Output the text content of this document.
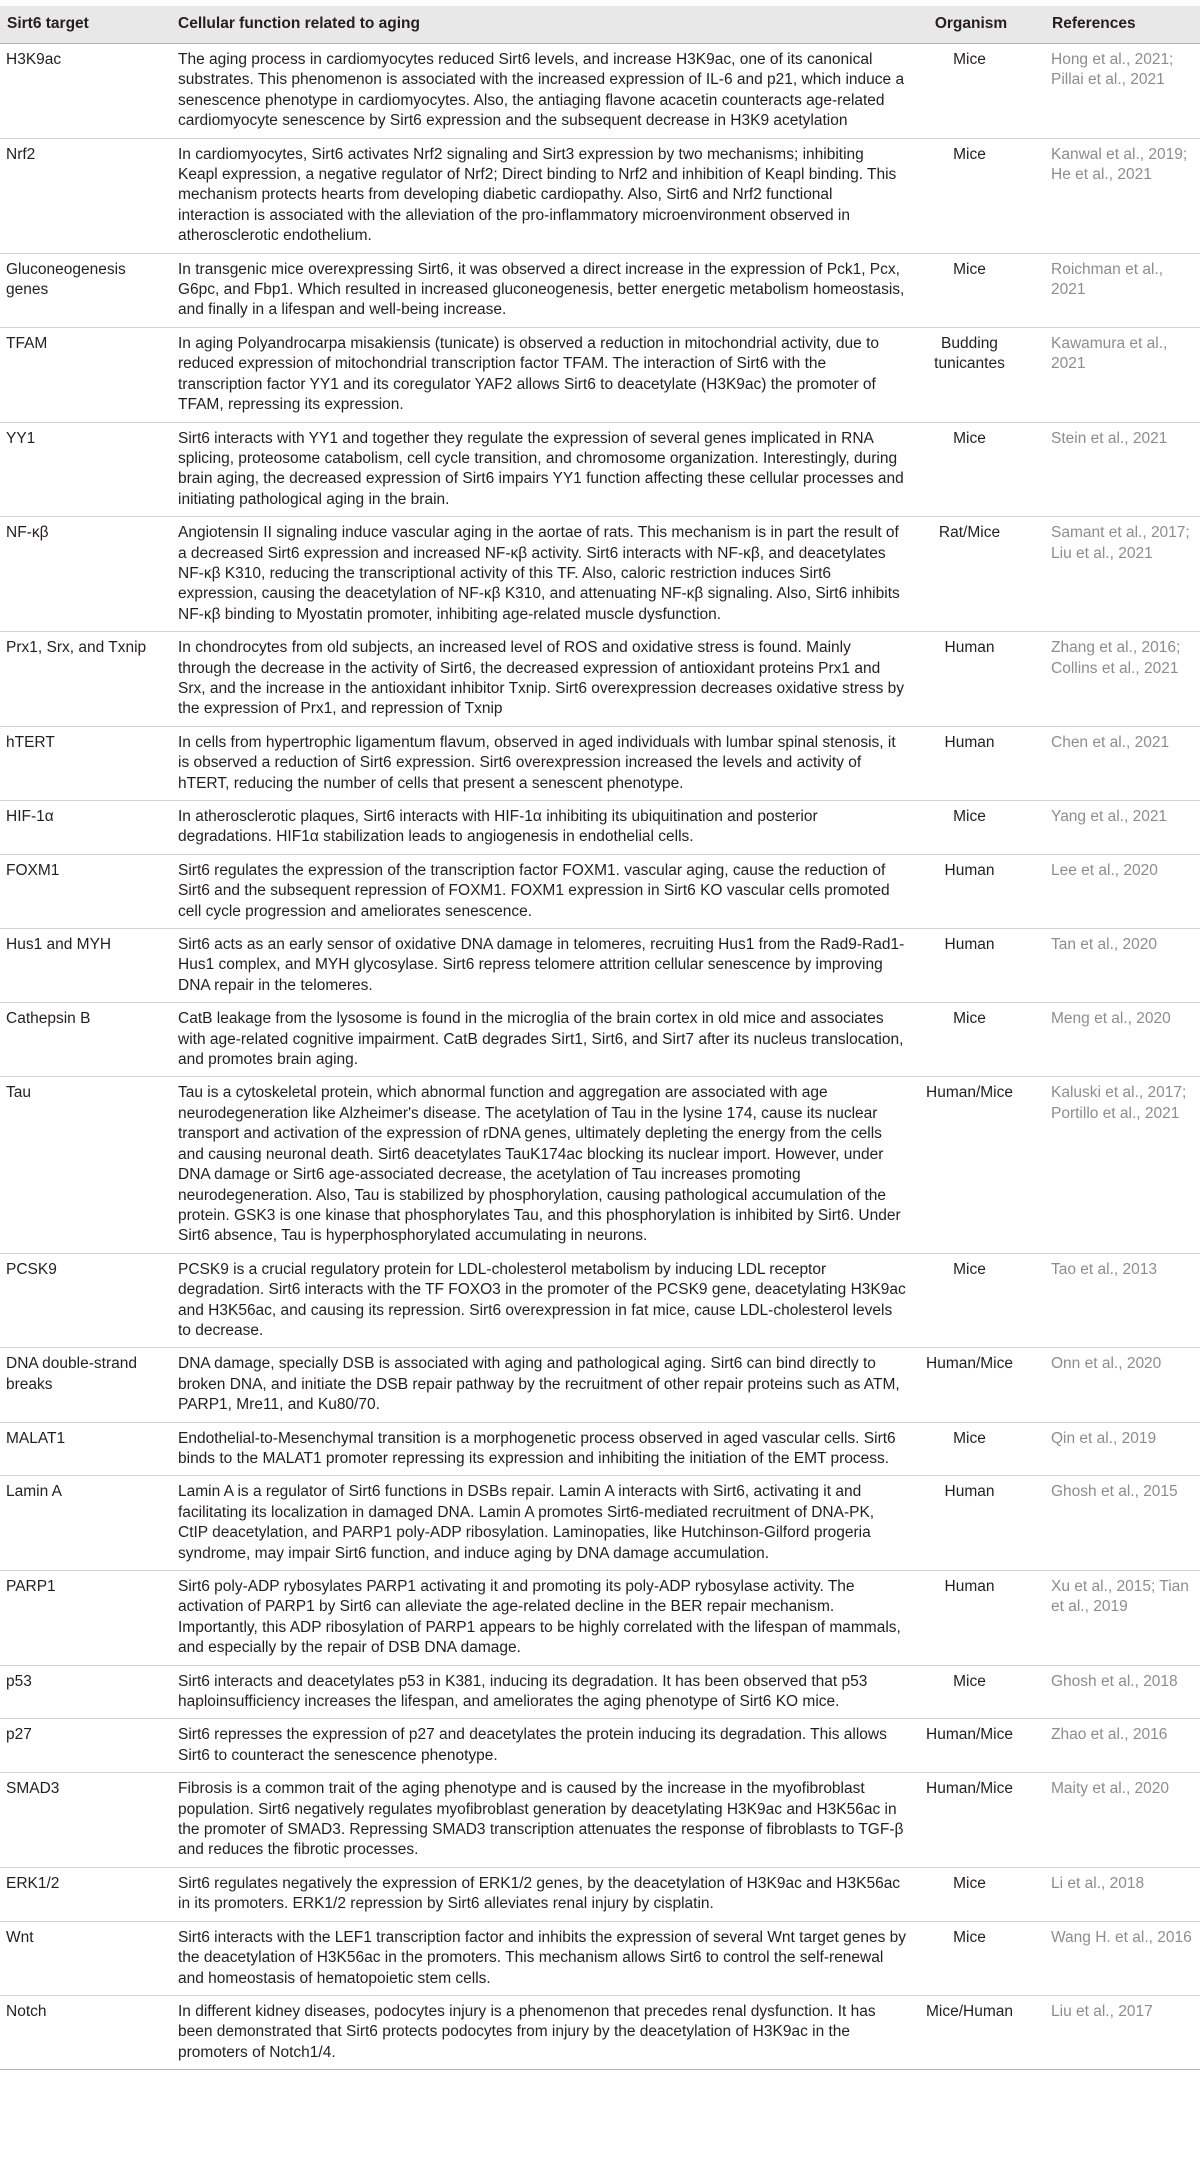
Sirt6 target	Cellular function related to aging	Organism	References
H3K9ac	The aging process in cardiomyocytes reduced Sirt6 levels, and increase H3K9ac, one of its canonical substrates. This phenomenon is associated with the increased expression of IL-6 and p21, which induce a senescence phenotype in cardiomyocytes. Also, the antiaging flavone acacetin counteracts age-related cardiomyocyte senescence by Sirt6 expression and the subsequent decrease in H3K9 acetylation	Mice	Hong et al., 2021; Pillai et al., 2021
Nrf2	In cardiomyocytes, Sirt6 activates Nrf2 signaling and Sirt3 expression by two mechanisms; inhibiting Keapl expression, a negative regulator of Nrf2; Direct binding to Nrf2 and inhibition of Keapl binding. This mechanism protects hearts from developing diabetic cardiopathy. Also, Sirt6 and Nrf2 functional interaction is associated with the alleviation of the pro-inflammatory microenvironment observed in atherosclerotic endothelium.	Mice	Kanwal et al., 2019; He et al., 2021
Gluconeogenesis genes	In transgenic mice overexpressing Sirt6, it was observed a direct increase in the expression of Pck1, Pcx, G6pc, and Fbp1. Which resulted in increased gluconeogenesis, better energetic metabolism homeostasis, and finally in a lifespan and well-being increase.	Mice	Roichman et al., 2021
TFAM	In aging Polyandrocarpa misakiensis (tunicate) is observed a reduction in mitochondrial activity, due to reduced expression of mitochondrial transcription factor TFAM. The interaction of Sirt6 with the transcription factor YY1 and its coregulator YAF2 allows Sirt6 to deacetylate (H3K9ac) the promoter of TFAM, repressing its expression.	Budding tunicantes	Kawamura et al., 2021
YY1	Sirt6 interacts with YY1 and together they regulate the expression of several genes implicated in RNA splicing, proteosome catabolism, cell cycle transition, and chromosome organization. Interestingly, during brain aging, the decreased expression of Sirt6 impairs YY1 function affecting these cellular processes and initiating pathological aging in the brain.	Mice	Stein et al., 2021
NF-κβ	Angiotensin II signaling induce vascular aging in the aortae of rats. This mechanism is in part the result of a decreased Sirt6 expression and increased NF-κβ activity. Sirt6 interacts with NF-κβ, and deacetylates NF-κβ K310, reducing the transcriptional activity of this TF. Also, caloric restriction induces Sirt6 expression, causing the deacetylation of NF-κβ K310, and attenuating NF-κβ signaling. Also, Sirt6 inhibits NF-κβ binding to Myostatin promoter, inhibiting age-related muscle dysfunction.	Rat/Mice	Samant et al., 2017; Liu et al., 2021
Prx1, Srx, and Txnip	In chondrocytes from old subjects, an increased level of ROS and oxidative stress is found. Mainly through the decrease in the activity of Sirt6, the decreased expression of antioxidant proteins Prx1 and Srx, and the increase in the antioxidant inhibitor Txnip. Sirt6 overexpression decreases oxidative stress by the expression of Prx1, and repression of Txnip	Human	Zhang et al., 2016; Collins et al., 2021
hTERT	In cells from hypertrophic ligamentum flavum, observed in aged individuals with lumbar spinal stenosis, it is observed a reduction of Sirt6 expression. Sirt6 overexpression increased the levels and activity of hTERT, reducing the number of cells that present a senescent phenotype.	Human	Chen et al., 2021
HIF-1α	In atherosclerotic plaques, Sirt6 interacts with HIF-1α inhibiting its ubiquitination and posterior degradations. HIF1α stabilization leads to angiogenesis in endothelial cells.	Mice	Yang et al., 2021
FOXM1	Sirt6 regulates the expression of the transcription factor FOXM1. vascular aging, cause the reduction of Sirt6 and the subsequent repression of FOXM1. FOXM1 expression in Sirt6 KO vascular cells promoted cell cycle progression and ameliorates senescence.	Human	Lee et al., 2020
Hus1 and MYH	Sirt6 acts as an early sensor of oxidative DNA damage in telomeres, recruiting Hus1 from the Rad9-Rad1-Hus1 complex, and MYH glycosylase. Sirt6 repress telomere attrition cellular senescence by improving DNA repair in the telomeres.	Human	Tan et al., 2020
Cathepsin B	CatB leakage from the lysosome is found in the microglia of the brain cortex in old mice and associates with age-related cognitive impairment. CatB degrades Sirt1, Sirt6, and Sirt7 after its nucleus translocation, and promotes brain aging.	Mice	Meng et al., 2020
Tau	Tau is a cytoskeletal protein, which abnormal function and aggregation are associated with age neurodegeneration like Alzheimer's disease. The acetylation of Tau in the lysine 174, cause its nuclear transport and activation of the expression of rDNA genes, ultimately depleting the energy from the cells and causing neuronal death. Sirt6 deacetylates TauK174ac blocking its nuclear import. However, under DNA damage or Sirt6 age-associated decrease, the acetylation of Tau increases promoting neurodegeneration. Also, Tau is stabilized by phosphorylation, causing pathological accumulation of the protein. GSK3 is one kinase that phosphorylates Tau, and this phosphorylation is inhibited by Sirt6. Under Sirt6 absence, Tau is hyperphosphorylated accumulating in neurons.	Human/Mice	Kaluski et al., 2017; Portillo et al., 2021
PCSK9	PCSK9 is a crucial regulatory protein for LDL-cholesterol metabolism by inducing LDL receptor degradation. Sirt6 interacts with the TF FOXO3 in the promoter of the PCSK9 gene, deacetylating H3K9ac and H3K56ac, and causing its repression. Sirt6 overexpression in fat mice, cause LDL-cholesterol levels to decrease.	Mice	Tao et al., 2013
DNA double-strand breaks	DNA damage, specially DSB is associated with aging and pathological aging. Sirt6 can bind directly to broken DNA, and initiate the DSB repair pathway by the recruitment of other repair proteins such as ATM, PARP1, Mre11, and Ku80/70.	Human/Mice	Onn et al., 2020
MALAT1	Endothelial-to-Mesenchymal transition is a morphogenetic process observed in aged vascular cells. Sirt6 binds to the MALAT1 promoter repressing its expression and inhibiting the initiation of the EMT process.	Mice	Qin et al., 2019
Lamin A	Lamin A is a regulator of Sirt6 functions in DSBs repair. Lamin A interacts with Sirt6, activating it and facilitating its localization in damaged DNA. Lamin A promotes Sirt6-mediated recruitment of DNA-PK, CtIP deacetylation, and PARP1 poly-ADP ribosylation. Laminopaties, like Hutchinson-Gilford progeria syndrome, may impair Sirt6 function, and induce aging by DNA damage accumulation.	Human	Ghosh et al., 2015
PARP1	Sirt6 poly-ADP rybosylates PARP1 activating it and promoting its poly-ADP rybosylase activity. The activation of PARP1 by Sirt6 can alleviate the age-related decline in the BER repair mechanism. Importantly, this ADP ribosylation of PARP1 appears to be highly correlated with the lifespan of mammals, and especially by the repair of DSB DNA damage.	Human	Xu et al., 2015; Tian et al., 2019
p53	Sirt6 interacts and deacetylates p53 in K381, inducing its degradation. It has been observed that p53 haploinsufficiency increases the lifespan, and ameliorates the aging phenotype of Sirt6 KO mice.	Mice	Ghosh et al., 2018
p27	Sirt6 represses the expression of p27 and deacetylates the protein inducing its degradation. This allows Sirt6 to counteract the senescence phenotype.	Human/Mice	Zhao et al., 2016
SMAD3	Fibrosis is a common trait of the aging phenotype and is caused by the increase in the myofibroblast population. Sirt6 negatively regulates myofibroblast generation by deacetylating H3K9ac and H3K56ac in the promoter of SMAD3. Repressing SMAD3 transcription attenuates the response of fibroblasts to TGF-β and reduces the fibrotic processes.	Human/Mice	Maity et al., 2020
ERK1/2	Sirt6 regulates negatively the expression of ERK1/2 genes, by the deacetylation of H3K9ac and H3K56ac in its promoters. ERK1/2 repression by Sirt6 alleviates renal injury by cisplatin.	Mice	Li et al., 2018
Wnt	Sirt6 interacts with the LEF1 transcription factor and inhibits the expression of several Wnt target genes by the deacetylation of H3K56ac in the promoters. This mechanism allows Sirt6 to control the self-renewal and homeostasis of hematopoietic stem cells.	Mice	Wang H. et al., 2016
Notch	In different kidney diseases, podocytes injury is a phenomenon that precedes renal dysfunction. It has been demonstrated that Sirt6 protects podocytes from injury by the deacetylation of H3K9ac in the promoters of Notch1/4.	Mice/Human	Liu et al., 2017
